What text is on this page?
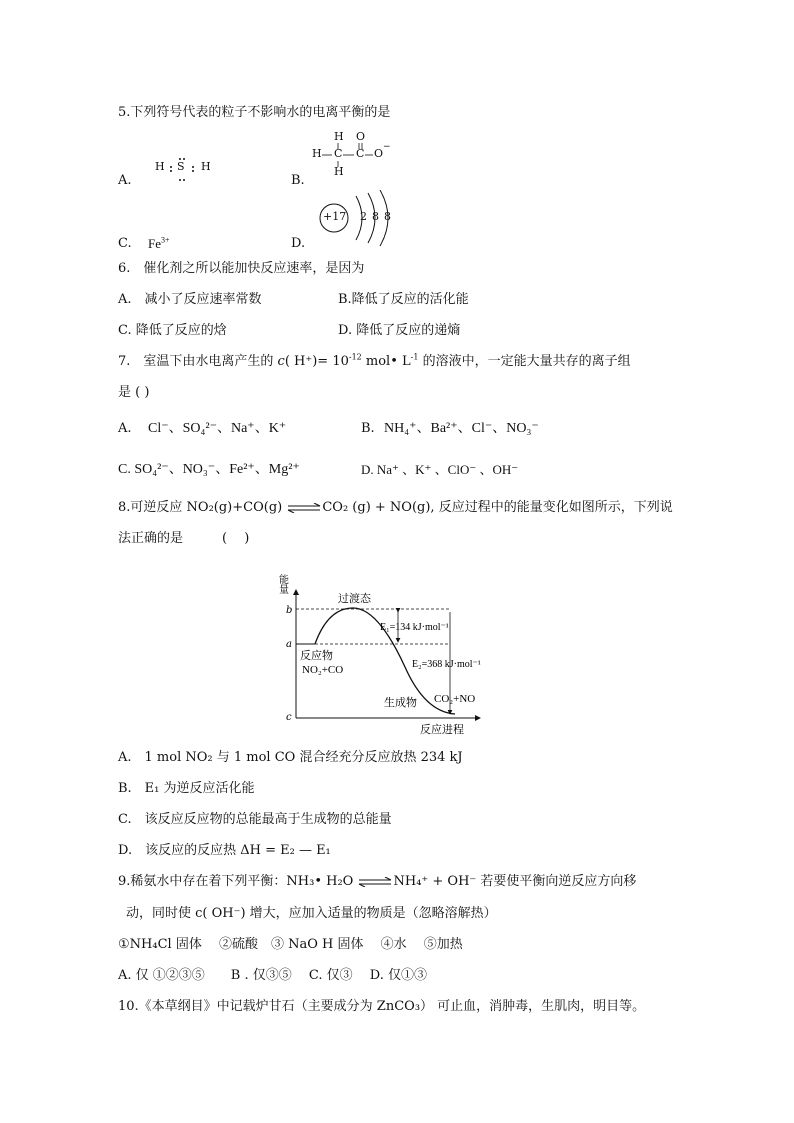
5.下列符号代表的粒子不影响水的电离平衡的是
A.
H S H
B.
H O
H C C O −
H
C. $Fe^{3+}$	D.
+17 2 8 8
6.　催化剂之所以能加快反应速率，是因为
A.　减小了反应速率常数	B.降低了反应的活化能
C. 降低了反应的焓	D. 降低了反应的递熵
7.　室温下由水电离产生的 c( $H^+)= 10^{-12}$ mol• $L^{-1}$ 的溶液中，一定能大量共存的离子组
是 ( )
A. Cl⁻、SO₄²⁻、Na⁺、K⁺	B. NH₄⁺、Ba²⁺、Cl⁻、NO₃⁻
C. SO₄²⁻、NO₃⁻、Fe²⁺、Mg²⁺	D. Na⁺ 、K⁺ 、ClO⁻ 、OH⁻
8.可逆反应 NO₂(g)+CO(g) ⇌CO₂ (g) + NO(g), 反应过程中的能量变化如图所示，下列说
法正确的是　　　(　 )
能量
b
a
c
过渡态
E₁=134 kJ·mol⁻¹
E₂=368 kJ·mol⁻¹
反应物
NO₂+CO
生成物 CO₂+NO
反应进程
A.　1 mol NO₂ 与 1 mol CO 混合经充分反应放热 234 kJ
B.　E₁ 为逆反应活化能
C.　该反应反应物的总能最高于生成物的总能量
D.　该反应的反应热 ΔH = E₂ — E₁
9.稀氨水中存在着下列平衡：NH₃• H₂O ⇌NH₄⁺ + OH⁻ 若要使平衡向逆反应方向移
动，同时使 c( OH⁻) 增大，应加入适量的物质是（忽略溶解热）
①NH₄Cl 固体　 ②硫酸　③ NaO H 固体　 ④水　 ⑤加热
A. 仅 ①②③⑤　　B . 仅③⑤　 C. 仅③　 D. 仅①③
10.《本草纲目》中记载炉甘石（主要成分为 ZnCO₃） 可止血，消肿毒，生肌肉，明目等。
